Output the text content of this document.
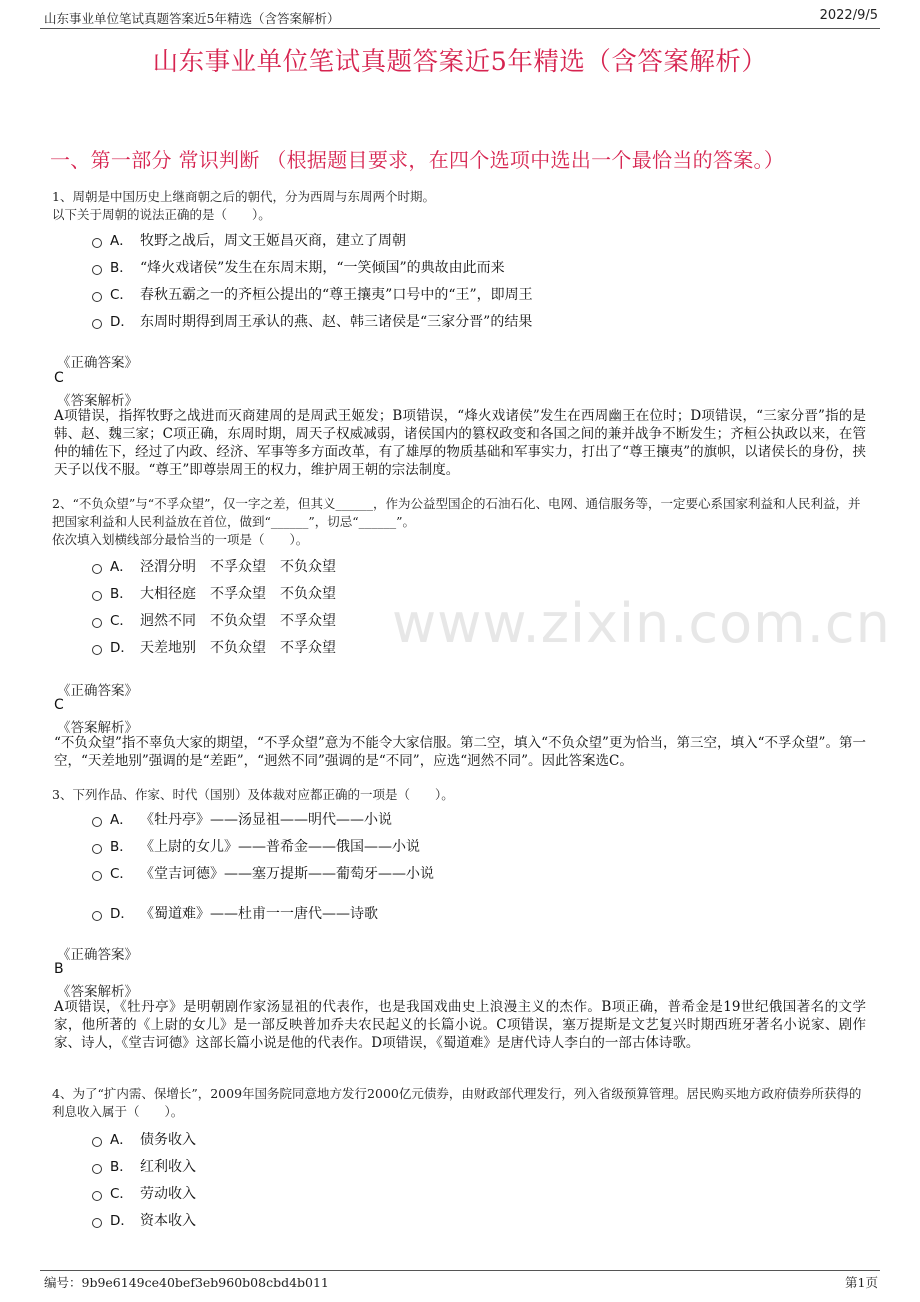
山东事业单位笔试真题答案近5年精选（含答案解析）	2022/9/5
www.zixin.com.cn
山东事业单位笔试真题答案近5年精选（含答案解析）
一、第一部分 常识判断 （根据题目要求，在四个选项中选出一个最恰当的答案。）

1、周朝是中国历史上继商朝之后的朝代，分为西周与东周两个时期。

以下关于周朝的说法正确的是（　　）。

A． 牧野之战后，周文王姬昌灭商，建立了周朝
B． “烽火戏诸侯”发生在东周末期，“一笑倾国”的典故由此而来
C． 春秋五霸之一的齐桓公提出的“尊王攘夷”口号中的“王”，即周王
D． 东周时期得到周王承认的燕、赵、韩三诸侯是“三家分晋”的结果
《正确答案》
C
《答案解析》
A项错误，指挥牧野之战进而灭商建周的是周武王姬发；B项错误，“烽火戏诸侯”发生在西周幽王在位时；D项错误，“三家分晋”指的是韩、赵、魏三家；C项正确，东周时期，周天子权威减弱，诸侯国内的篡权政变和各国之间的兼并战争不断发生；齐桓公执政以来，在管仲的辅佐下，经过了内政、经济、军事等多方面改革，有了雄厚的物质基础和军事实力，打出了“尊王攘夷”的旗帜，以诸侯长的身份，挟天子以伐不服。“尊王”即尊崇周王的权力，维护周王朝的宗法制度。

2、“不负众望”与“不孚众望”，仅一字之差，但其义______，作为公益型国企的石油石化、电网、通信服务等，一定要心系国家利益和人民利益，并把国家利益和人民利益放在首位，做到“______”，切忌“______”。

依次填入划横线部分最恰当的一项是（　　）。

A． 泾渭分明　不孚众望　不负众望
B． 大相径庭　不孚众望　不负众望
C． 迥然不同　不负众望　不孚众望
D． 天差地别　不负众望　不孚众望
《正确答案》
C
《答案解析》
“不负众望”指不辜负大家的期望，“不孚众望”意为不能令大家信服。第二空，填入“不负众望”更为恰当，第三空，填入“不孚众望”。第一空，“天差地别”强调的是“差距”，“迥然不同”强调的是“不同”，应选“迥然不同”。因此答案选C。

3、下列作品、作家、时代（国别）及体裁对应都正确的一项是（　　）。

A． 《牡丹亭》——汤显祖——明代——小说
B． 《上尉的女儿》——普希金——俄国——小说
C． 《堂吉诃德》——塞万提斯——葡萄牙——小说
D． 《蜀道难》——杜甫一一唐代——诗歌
《正确答案》
B
《答案解析》
A项错误，《牡丹亭》是明朝剧作家汤显祖的代表作，也是我国戏曲史上浪漫主义的杰作。B项正确，普希金是19世纪俄国著名的文学家，他所著的《上尉的女儿》是一部反映普加乔夫农民起义的长篇小说。C项错误，塞万提斯是文艺复兴时期西班牙著名小说家、剧作家、诗人，《堂吉诃德》这部长篇小说是他的代表作。D项错误，《蜀道难》是唐代诗人李白的一部古体诗歌。

4、为了“扩内需、保增长”，2009年国务院同意地方发行2000亿元债券，由财政部代理发行，列入省级预算管理。居民购买地方政府债券所获得的利息收入属于（　　）。

A． 债务收入
B． 红利收入
C． 劳动收入
D． 资本收入
编号：9b9e6149ce40bef3eb960b08cbd4b011	第1页
